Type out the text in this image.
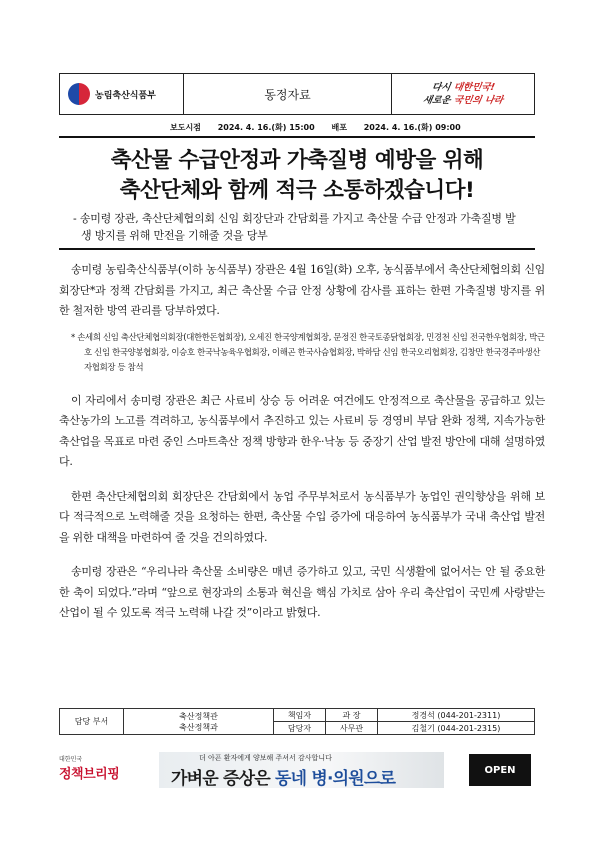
농림축산식품부	동정자료	다시 대한민국!
새로운 국민의 나라
보도시점 2024. 4. 16.(화) 15:00 배포 2024. 4. 16.(화) 09:00
축산물 수급안정과 가축질병 예방을 위해
축산단체와 함께 적극 소통하겠습니다!
- 송미령 장관, 축산단체협의회 신임 회장단과 간담회를 가지고 축산물 수급 안정과 가축질병 발생 방지를 위해 만전을 기해줄 것을 당부

송미령 농림축산식품부(이하 농식품부) 장관은 4월 16일(화) 오후, 농식품부에서 축산단체협의회 신임 회장단*과 정책 간담회를 가지고, 최근 축산물 수급 안정 상황에 감사를 표하는 한편 가축질병 방지를 위한 철저한 방역 관리를 당부하였다.

* 손세희 신임 축산단체협의회장(대한한돈협회장), 오세진 한국양계협회장, 문정진 한국토종닭협회장, 민경천 신임 전국한우협회장, 박근호 신임 한국양봉협회장, 이승호 한국낙농육우협회장, 이해곤 한국사슴협회장, 박하담 신임 한국오리협회장, 김창만 한국경주마생산자협회장 등 참석

이 자리에서 송미령 장관은 최근 사료비 상승 등 어려운 여건에도 안정적으로 축산물을 공급하고 있는 축산농가의 노고를 격려하고, 농식품부에서 추진하고 있는 사료비 등 경영비 부담 완화 정책, 지속가능한 축산업을 목표로 마련 중인 스마트축산 정책 방향과 한우·낙농 등 중장기 산업 발전 방안에 대해 설명하였다.

한편 축산단체협의회 회장단은 간담회에서 농업 주무부처로서 농식품부가 농업인 권익향상을 위해 보다 적극적으로 노력해줄 것을 요청하는 한편, 축산물 수입 증가에 대응하여 농식품부가 국내 축산업 발전을 위한 대책을 마련하여 줄 것을 건의하였다.

송미령 장관은 “우리나라 축산물 소비량은 매년 증가하고 있고, 국민 식생활에 없어서는 안 될 중요한 한 축이 되었다.”라며 “앞으로 현장과의 소통과 혁신을 핵심 가치로 삼아 우리 축산업이 국민께 사랑받는 산업이 될 수 있도록 적극 노력해 나갈 것”이라고 밝혔다.

담당 부서	축산정책관
축산정책과	책임자	과 장	정경석 (044-201-2311)
		담당자	사무관	김철기 (044-201-2315)
대한민국
정책브리핑
더 아픈 환자에게 양보해 주셔서 감사합니다
가벼운 증상은 동네 병·의원으로	OPEN
